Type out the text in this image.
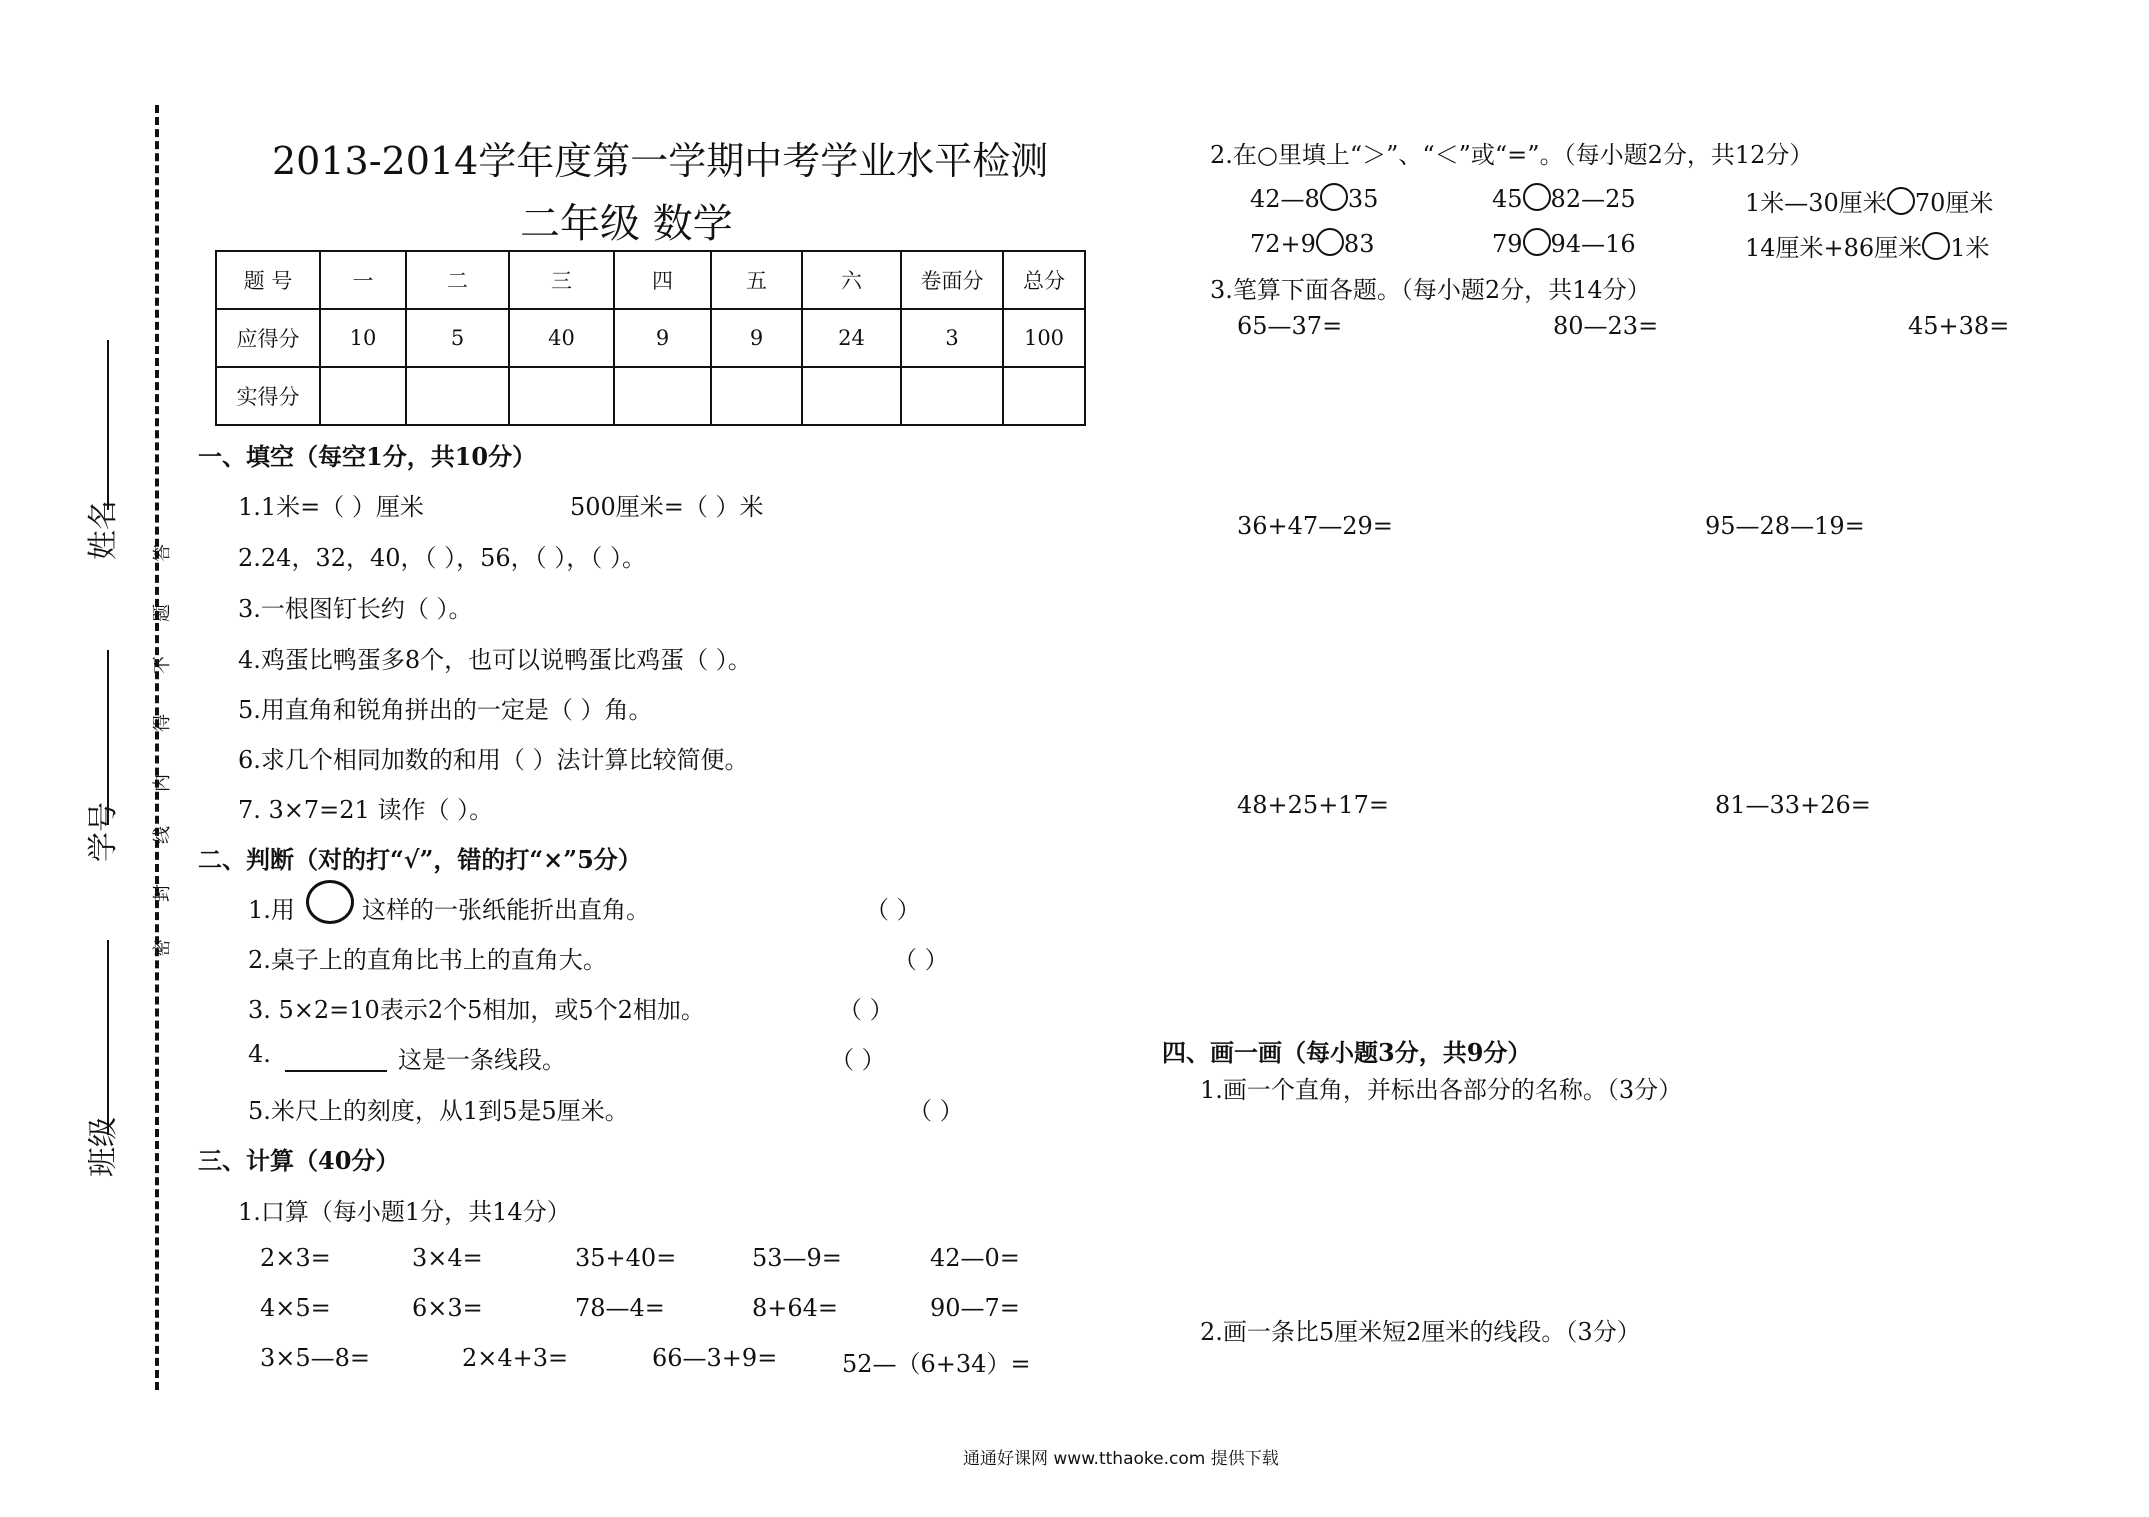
姓名
学号
班级
答
题
不
得
内
线
封
密
2013-2014学年度第一学期中考学业水平检测
二年级 数学
题 号	一	二	三	四	五	六	卷面分	总分
应得分	10	5	40	9	9	24	3	100
实得分								
一、填空（每空1分，共10分）
1.1米=（ ）厘米	500厘米=（ ）米
2.24，32，40，（ ），56，（ ），（ ）。
3.一根图钉长约（ ）。
4.鸡蛋比鸭蛋多8个，也可以说鸭蛋比鸡蛋（ ）。
5.用直角和锐角拼出的一定是（ ）角。
6.求几个相同加数的和用（ ）法计算比较简便。
7. 3×7=21 读作（ ）。
二、判断（对的打“√”，错的打“×”5分）
1.用	这样的一张纸能折出直角。	（ ）
2.桌子上的直角比书上的直角大。	（ ）
3. 5×2=10表示2个5相加，或5个2相加。	（ ）
4.	这是一条线段。	（ ）
5.米尺上的刻度，从1到5是5厘米。	（ ）
三、计算（40分）
1.口算（每小题1分，共14分）
2×3=	3×4=	35+40=	53—9=	42—0=
4×5=	6×3=	78—4=	8+64=	90—7=
3×5—8=	2×4+3=	66—3+9=	52—（6+34）=
2.在○里填上“＞”、“＜”或“=”。（每小题2分，共12分）
42—8 35	45 82—25	1米—30厘米 70厘米
72+9 83	79 94—16	14厘米+86厘米 1米
3.笔算下面各题。（每小题2分，共14分）
65—37=	80—23=	45+38=
36+47—29=	95—28—19=
48+25+17=	81—33+26=
四、画一画（每小题3分，共9分）
1.画一个直角，并标出各部分的名称。（3分）
2.画一条比5厘米短2厘米的线段。（3分）
通通好课网 www.tthaoke.com 提供下载
